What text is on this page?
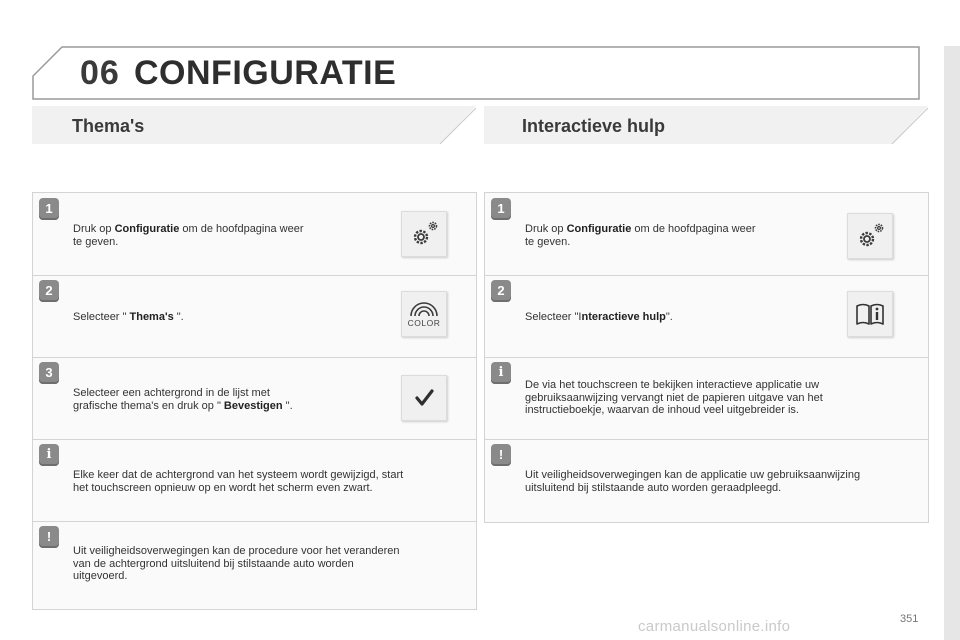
06 CONFIGURATIE
Thema's	Interactieve hulp
1
Druk op Configuratie om de hoofdpagina weer
te geven.
2
Selecteer " Thema's ".	COLOR
3
Selecteer een achtergrond in de lijst met
grafische thema's en druk op " Bevestigen ".
i
Elke keer dat de achtergrond van het systeem wordt gewijzigd, start
het touchscreen opnieuw op en wordt het scherm even zwart.
!
Uit veiligheidsoverwegingen kan de procedure voor het veranderen
van de achtergrond uitsluitend bij stilstaande auto worden
uitgevoerd.
1
Druk op Configuratie om de hoofdpagina weer
te geven.
2
Selecteer "Interactieve hulp".
i
De via het touchscreen te bekijken interactieve applicatie uw
gebruiksaanwijzing vervangt niet de papieren uitgave van het
instructieboekje, waarvan de inhoud veel uitgebreider is.
!
Uit veiligheidsoverwegingen kan de applicatie uw gebruiksaanwijzing
uitsluitend bij stilstaande auto worden geraadpleegd.
351
carmanualsonline.info
